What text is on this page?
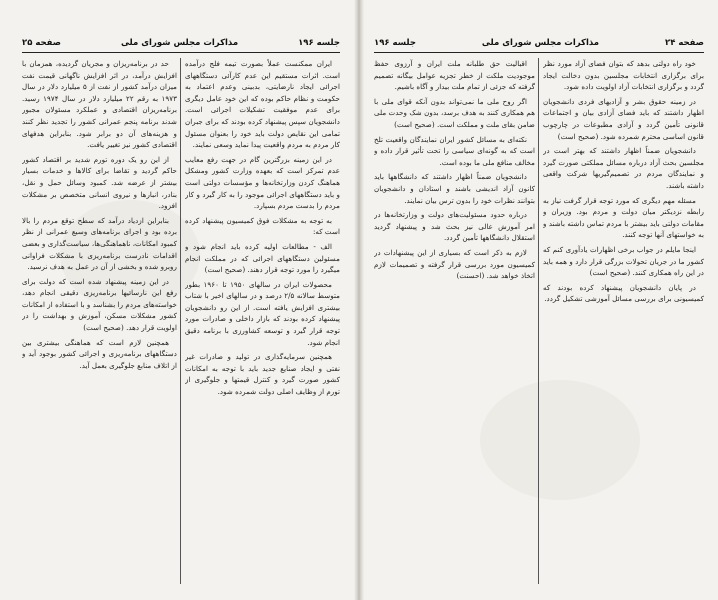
جلسه ۱۹۶
مذاکرات مجلس شورای ملی
صفحه ۲۵

ایران ممکنست عملاً بصورت تیمه فلج درآمده است. اثرات مستقیم این عدم کارآئی دستگاههای اجرائی ایجاد نارضایتی، بدبینی وعدم اعتماد به حکومت و نظام حاکم بوده که این خود عامل دیگری برای عدم موفقیت تشکیلات اجرائی است. دانشجویان سپس پیشنهاد کرده بودند که برای جبران تمامی این نقایص دولت باید خود را بعنوان مسئول کار مردم به مردم واقعیت پیدا نماید وسعی نمایند.

در این زمینه بزرگترین گام در جهت رفع معایب عدم تمرکز است که بعهده وزارت کشور ومشکل هماهنگ کردن وزارتخانه‌ها و مؤسسات دولتی است و باید دستگاههای اجرائی موجود را به کار گیرد و کار مردم را بدست مردم بسپارد.

به توجه به مشکلات فوق کمیسیون پیشنهاد کرده است که:

الف - مطالعات اولیه کرده باید انجام شود و مسئولین دستگاههای اجرائی که در مملکت انجام میگیرد را مورد توجه قرار دهند. (صحیح است)

محصولات ایران در سالهای ۱۹۵۰ تا ۱۹۶۰ بطور متوسط سالانه ۲/۵ درصد و در سالهای اخیر با شتاب بیشتری افزایش یافته است. از این رو دانشجویان پیشنهاد کرده بودند که بازار داخلی و صادرات مورد توجه قرار گیرد و توسعه کشاورزی با برنامه دقیق انجام شود.

همچنین سرمایه‌گذاری در تولید و صادرات غیر نفتی و ایجاد صنایع جدید باید با توجه به امکانات کشور صورت گیرد و کنترل قیمتها و جلوگیری از تورم از وظایف اصلی دولت شمرده شود.

حد در برنامه‌ریزان و مجریان گردیده، همزمان با افزایش درآمد، در اثر افزایش ناگهانی قیمت نفت میزان درآمد کشور از نفت از ۵ میلیارد دلار در سال ۱۹۷۳ به رقم ۲۲ میلیارد دلار در سال ۱۹۷۴ رسید. برنامه‌ریزان اقتصادی و عملکرد مسئولان مجبور شدند برنامه پنجم عمرانی کشور را تجدید نظر کنند و هزینه‌های آن دو برابر شود. بنابراین هدفهای اقتصادی کشور نیز تغییر یافت.

از این رو یک دوره تورم شدید بر اقتصاد کشور حاکم گردید و تقاضا برای کالاها و خدمات بسیار بیشتر از عرضه شد. کمبود وسائل حمل و نقل، بنادر، انبارها و نیروی انسانی متخصص بر مشکلات افزود.

بنابراین ازدیاد درآمد که سطح توقع مردم را بالا برده بود و اجرای برنامه‌های وسیع عمرانی از نظر کمبود امکانات، ناهماهنگی‌ها، سیاست‌گذاری و بعضی اقدامات نادرست برنامه‌ریزی با مشکلات فراوانی روبرو شده و بخشی از آن در عمل به هدف نرسید.

در این زمینه پیشنهاد شده است که دولت برای رفع این نارسائیها برنامه‌ریزی دقیقی انجام دهد، خواسته‌های مردم را بشناسد و با استفاده از امکانات کشور مشکلات مسکن، آموزش و بهداشت را در اولویت قرار دهد. (صحیح است)

همچنین لازم است که هماهنگی بیشتری بین دستگاههای برنامه‌ریزی و اجرائی کشور بوجود آید و از اتلاف منابع جلوگیری بعمل آید.

صفحه ۲۴
مذاکرات مجلس شورای ملی
جلسه ۱۹۶

خود راه دولتی بدهد که بتوان فضای آزاد مورد نظر برای برگزاری انتخابات مجلسین بدون دخالت ایجاد گردد و برگزاری انتخابات آزاد اولویت داده شود.

در زمینه حقوق بشر و آزادیهای فردی دانشجویان اظهار داشتند که باید فضای آزادی بیان و اجتماعات قانونی تأمین گردد و آزادی مطبوعات در چارچوب قانون اساسی محترم شمرده شود. (صحیح است)

دانشجویان ضمناً اظهار داشتند که بهتر است در مجلسین بحث آزاد درباره مسائل مملکتی صورت گیرد و نمایندگان مردم در تصمیم‌گیریها شرکت واقعی داشته باشند.

مسئله مهم دیگری که مورد توجه قرار گرفت نیاز به رابطه نزدیکتر میان دولت و مردم بود. وزیران و مقامات دولتی باید بیشتر با مردم تماس داشته باشند و به خواستهای آنها توجه کنند.

اینجا مایلم در جواب برخی اظهارات یادآوری کنم که کشور ما در جریان تحولات بزرگی قرار دارد و همه باید در این راه همکاری کنند. (صحیح است)

در پایان دانشجویان پیشنهاد کرده بودند که کمیسیونی برای بررسی مسائل آموزشی تشکیل گردد.

اقبالیت حق طلبانه ملت ایران و آرزوی حفظ موجودیت ملکت از خطر تجزیه عوامل بیگانه تصمیم گرفته که جزئی از تمام ملت بیدار و آگاه باشیم.

اگر روح ملی ما نمی‌تواند بدون آنکه قوای ملی با هم همکاری کنند به هدف برسد، بدون شک وحدت ملی ضامن بقای ملت و مملکت است. (صحیح است)

نکته‌ای به مسائل کشور ایران نمایندگان واقعیت تلخ است که به گونه‌ای سیاسی را تحت تأثیر قرار داده و مخالف منافع ملی ما بوده است.

دانشجویان ضمناً اظهار داشتند که دانشگاهها باید کانون آزاد اندیشی باشند و استادان و دانشجویان بتوانند نظرات خود را بدون ترس بیان نمایند.

درباره حدود مسئولیت‌های دولت و وزارتخانه‌ها در امر آموزش عالی نیز بحث شد و پیشنهاد گردید استقلال دانشگاهها تأمین گردد.

لازم به ذکر است که بسیاری از این پیشنهادات در کمیسیون مورد بررسی قرار گرفته و تصمیمات لازم اتخاذ خواهد شد. (احسنت)
